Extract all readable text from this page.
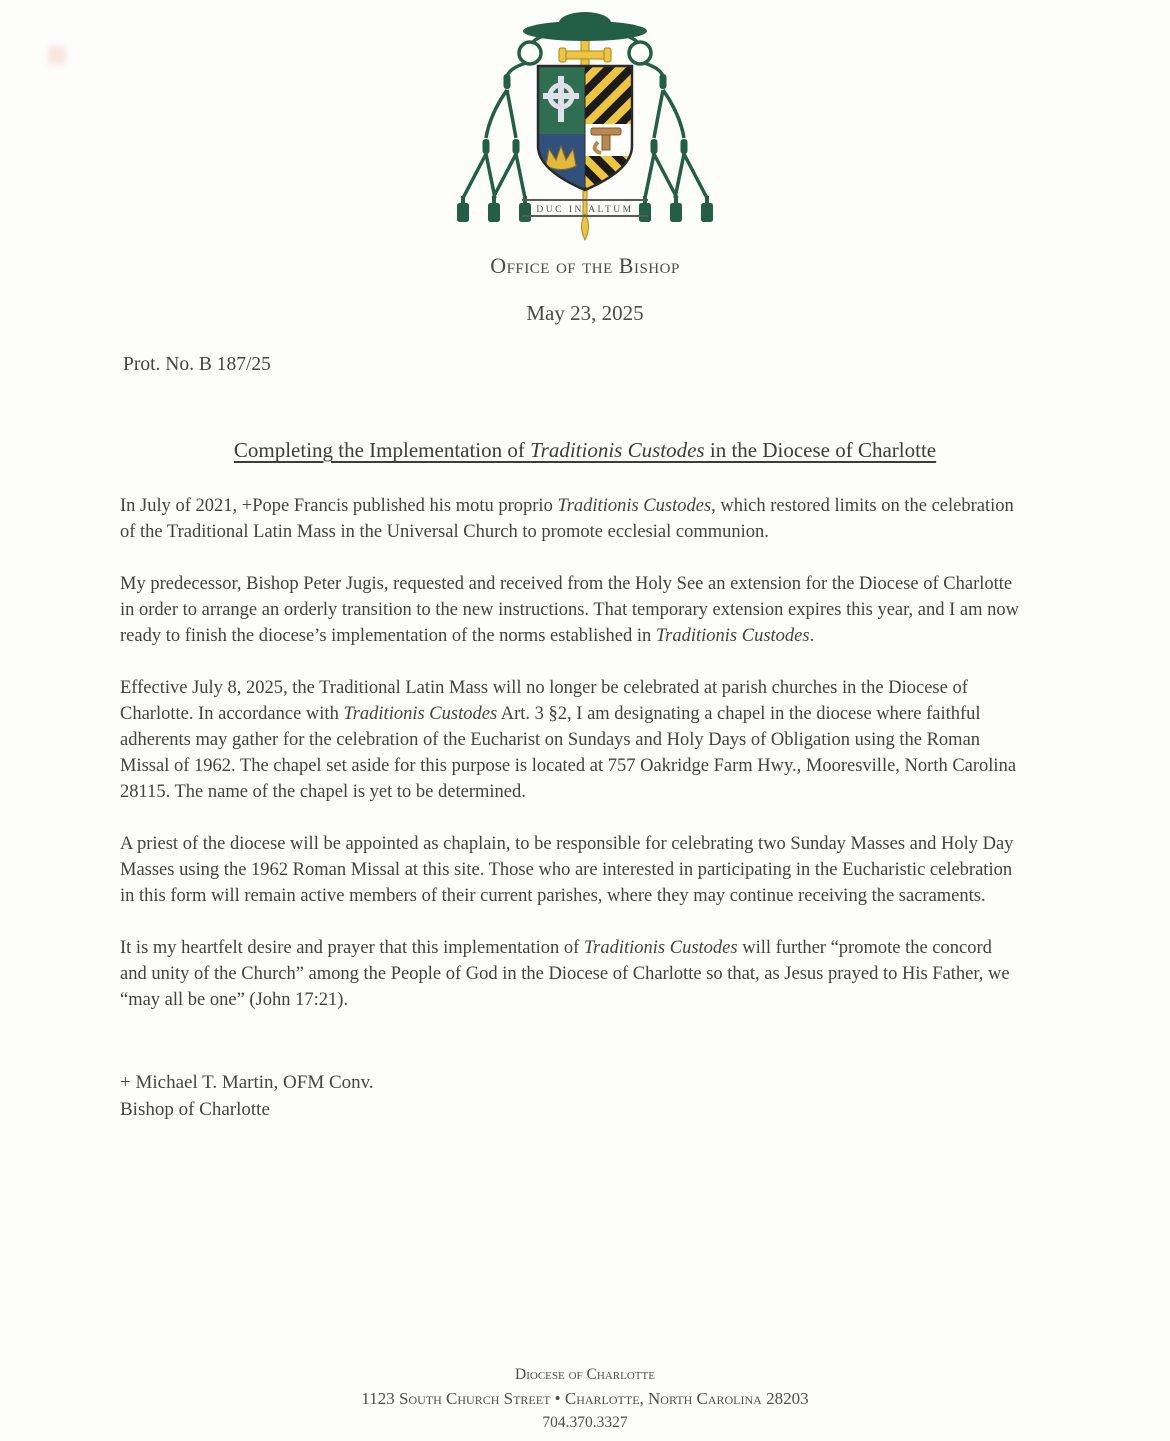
DUC IN ALTUM
Office of the Bishop
May 23, 2025
Prot. No. B 187/25
Completing the Implementation of Traditionis Custodes in the Diocese of Charlotte

In July of 2021, +Pope Francis published his motu proprio Traditionis Custodes, which restored limits on the celebration of the Traditional Latin Mass in the Universal Church to promote ecclesial communion.

My predecessor, Bishop Peter Jugis, requested and received from the Holy See an extension for the Diocese of Charlotte in order to arrange an orderly transition to the new instructions. That temporary extension expires this year, and I am now ready to finish the diocese’s implementation of the norms established in Traditionis Custodes.

Effective July 8, 2025, the Traditional Latin Mass will no longer be celebrated at parish churches in the Diocese of Charlotte. In accordance with Traditionis Custodes Art. 3 §2, I am designating a chapel in the diocese where faithful adherents may gather for the celebration of the Eucharist on Sundays and Holy Days of Obligation using the Roman Missal of 1962. The chapel set aside for this purpose is located at 757 Oakridge Farm Hwy., Mooresville, North Carolina 28115. The name of the chapel is yet to be determined.

A priest of the diocese will be appointed as chaplain, to be responsible for celebrating two Sunday Masses and Holy Day Masses using the 1962 Roman Missal at this site. Those who are interested in participating in the Eucharistic celebration in this form will remain active members of their current parishes, where they may continue receiving the sacraments.

It is my heartfelt desire and prayer that this implementation of Traditionis Custodes will further “promote the concord and unity of the Church” among the People of God in the Diocese of Charlotte so that, as Jesus prayed to His Father, we “may all be one” (John 17:21).

+ Michael T. Martin, OFM Conv.
Bishop of Charlotte
Diocese of Charlotte
1123 South Church Street • Charlotte, North Carolina 28203
704.370.3327
